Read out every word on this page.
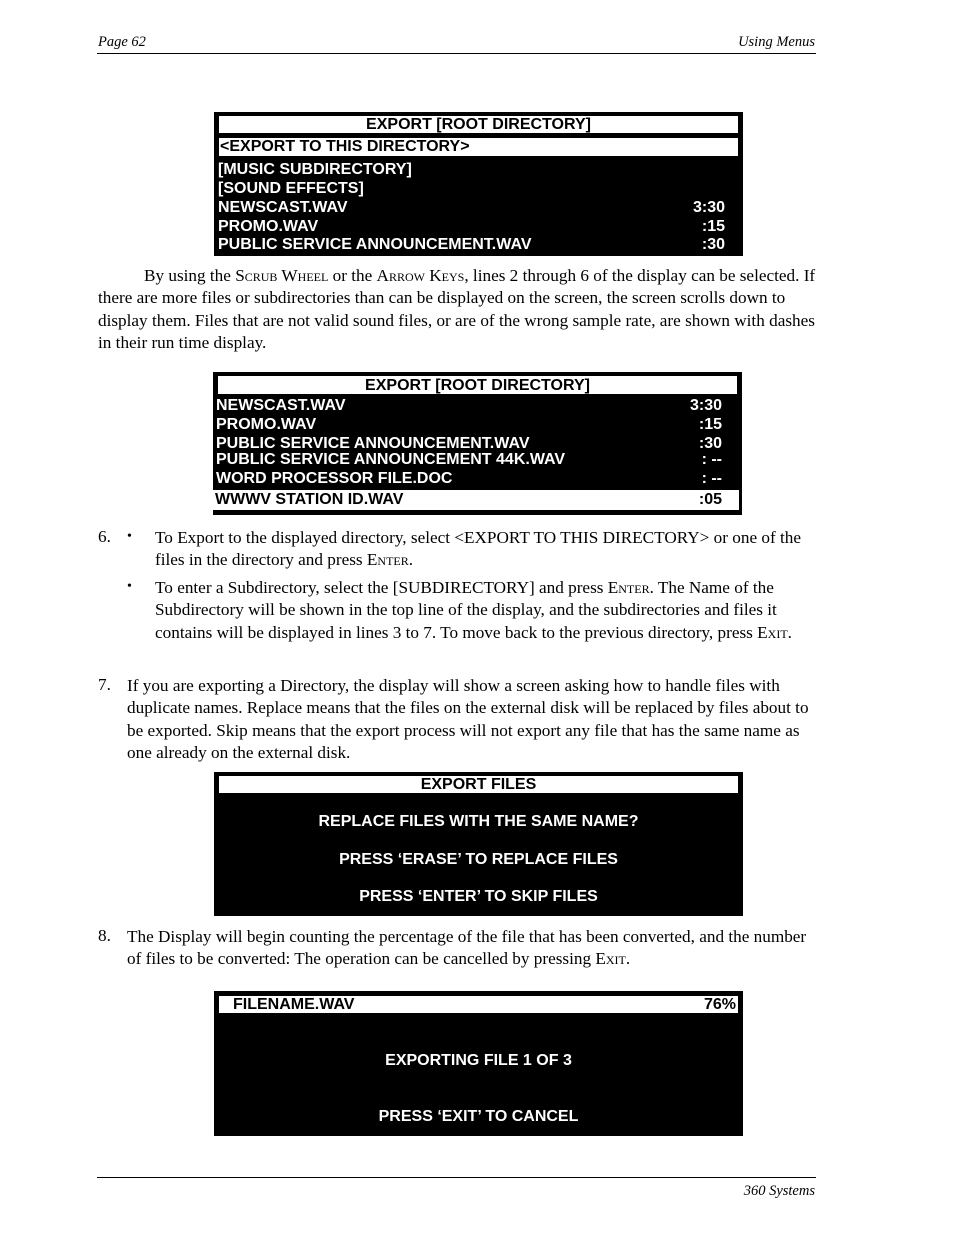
Page 62	Using Menus
EXPORT [ROOT DIRECTORY]
<EXPORT TO THIS DIRECTORY>
[MUSIC SUBDIRECTORY]
[SOUND EFFECTS]
NEWSCAST.WAV	3:30
PROMO.WAV	:15
PUBLIC SERVICE ANNOUNCEMENT.WAV	:30
By using the Scrub Wheel or the Arrow Keys, lines 2 through 6 of the display can be selected. If there are more files or subdirectories than can be displayed on the screen, the screen scrolls down to display them. Files that are not valid sound files, or are of the wrong sample rate, are shown with dashes in their run time display.
EXPORT [ROOT DIRECTORY]
NEWSCAST.WAV	3:30
PROMO.WAV	:15
PUBLIC SERVICE ANNOUNCEMENT.WAV	:30
PUBLIC SERVICE ANNOUNCEMENT 44K.WAV	: --
WORD PROCESSOR FILE.DOC	: --
WWWV STATION ID.WAV	:05
6. • To Export to the displayed directory, select <EXPORT TO THIS DIRECTORY> or one of the files in the directory and press Enter.
• To enter a Subdirectory, select the [SUBDIRECTORY] and press Enter. The Name of the Subdirectory will be shown in the top line of the display, and the subdirectories and files it contains will be displayed in lines 3 to 7. To move back to the previous directory, press Exit.
7. If you are exporting a Directory, the display will show a screen asking how to handle files with duplicate names. Replace means that the files on the external disk will be replaced by files about to be exported. Skip means that the export process will not export any file that has the same name as one already on the external disk.
EXPORT FILES
REPLACE FILES WITH THE SAME NAME?
PRESS ‘ERASE’ TO REPLACE FILES
PRESS ‘ENTER’ TO SKIP FILES
8. The Display will begin counting the percentage of the file that has been converted, and the number of files to be converted: The operation can be cancelled by pressing Exit.
FILENAME.WAV	76%
EXPORTING FILE 1 OF 3
PRESS ‘EXIT’ TO CANCEL
360 Systems
